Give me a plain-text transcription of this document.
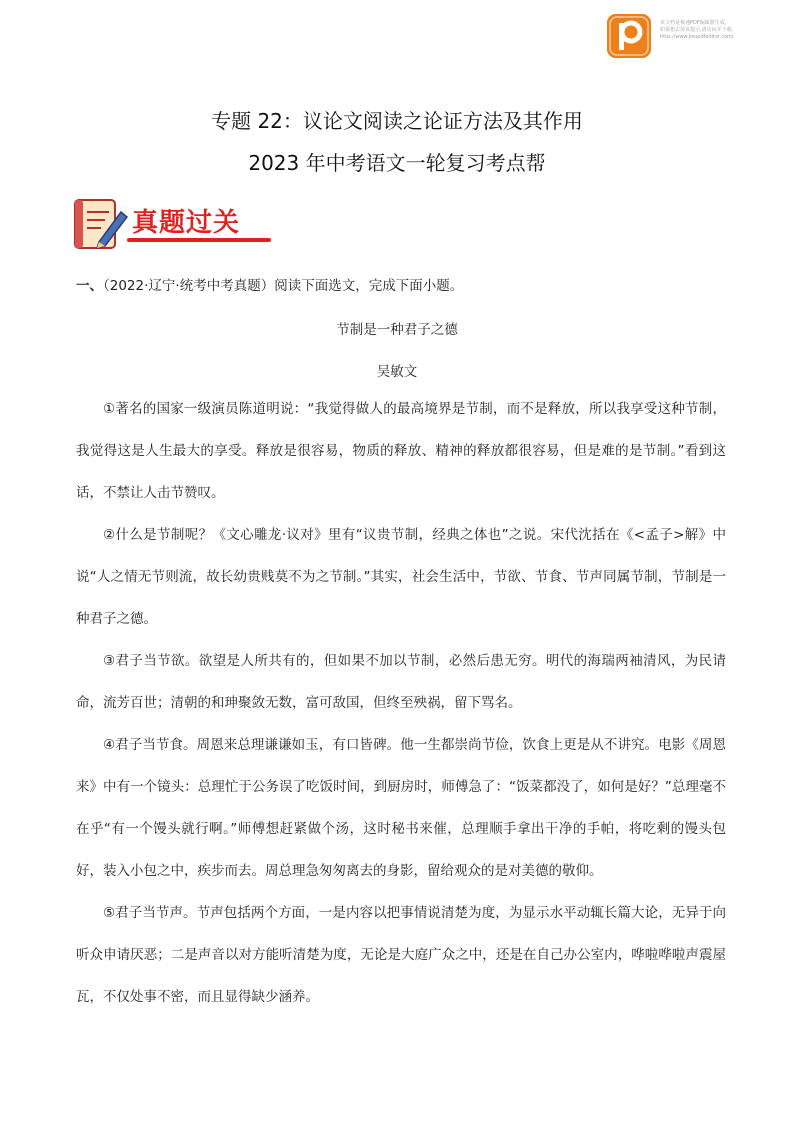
该文档是极速PDF编辑器生成,
如果想去掉该提示,请访问并下载:
http://www.jisupdfeditor.com/
专题 22：议论文阅读之论证方法及其作用
2023 年中考语文一轮复习考点帮
真题过关
一、（2022·辽宁·统考中考真题）阅读下面选文，完成下面小题。
节制是一种君子之德
吴敏文

①著名的国家一级演员陈道明说：“我觉得做人的最高境界是节制，而不是释放，所以我享受这种节制，我觉得这是人生最大的享受。释放是很容易，物质的释放、精神的释放都很容易，但是难的是节制。”看到这话，不禁让人击节赞叹。

②什么是节制呢？《文心雕龙·议对》里有“议贵节制，经典之体也”之说。宋代沈括在《<孟子>解》中说“人之情无节则流，故长幼贵贱莫不为之节制。”其实，社会生活中，节欲、节食、节声同属节制，节制是一种君子之德。

③君子当节欲。欲望是人所共有的，但如果不加以节制，必然后患无穷。明代的海瑞两袖清风，为民请命，流芳百世；清朝的和珅聚敛无数，富可敌国，但终至殃祸，留下骂名。

④君子当节食。周恩来总理谦谦如玉，有口皆碑。他一生都崇尚节俭，饮食上更是从不讲究。电影《周恩来》中有一个镜头：总理忙于公务误了吃饭时间，到厨房时，师傅急了：“饭菜都没了，如何是好？”总理毫不在乎“有一个馒头就行啊。”师傅想赶紧做个汤，这时秘书来催，总理顺手拿出干净的手帕，将吃剩的馒头包好，装入小包之中，疾步而去。周总理急匆匆离去的身影，留给观众的是对美德的敬仰。

⑤君子当节声。节声包括两个方面，一是内容以把事情说清楚为度，为显示水平动辄长篇大论，无异于向听众申请厌恶；二是声音以对方能听清楚为度，无论是大庭广众之中，还是在自己办公室内，哗啦哗啦声震屋瓦，不仅处事不密，而且显得缺少涵养。
